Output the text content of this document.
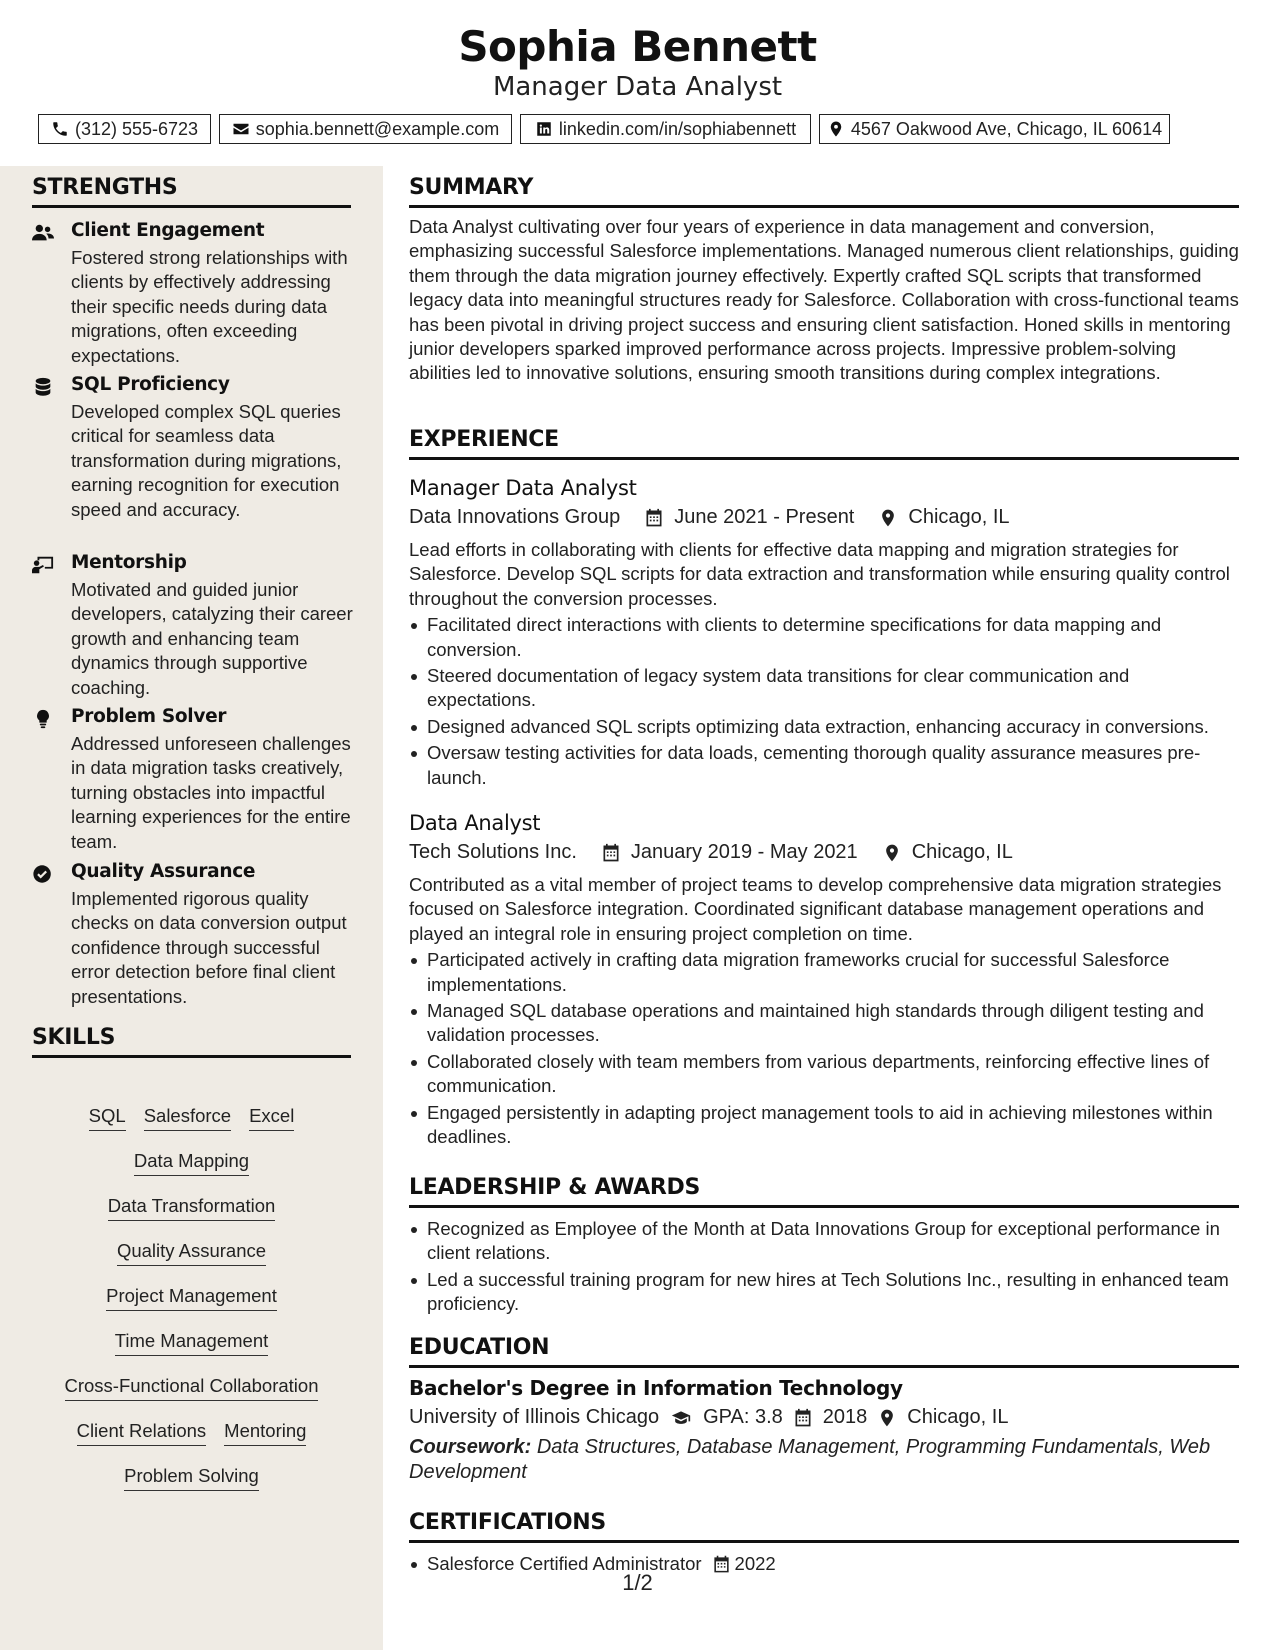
Sophia Bennett
Manager Data Analyst
(312) 555-6723	sophia.bennett@example.com	linkedin.com/in/sophiabennett	4567 Oakwood Ave, Chicago, IL 60614
STRENGTHS
Client Engagement
Fostered strong relationships with clients by effectively addressing their specific needs during data migrations, often exceeding expectations.
SQL Proficiency
Developed complex SQL queries critical for seamless data transformation during migrations, earning recognition for execution speed and accuracy.
Mentorship
Motivated and guided junior developers, catalyzing their career growth and enhancing team dynamics through supportive coaching.
Problem Solver
Addressed unforeseen challenges in data migration tasks creatively, turning obstacles into impactful learning experiences for the entire team.
Quality Assurance
Implemented rigorous quality checks on data conversion output confidence through successful error detection before final client presentations.
SKILLS
SQL Salesforce Excel
Data Mapping
Data Transformation
Quality Assurance
Project Management
Time Management
Cross-Functional Collaboration
Client Relations Mentoring
Problem Solving
SUMMARY
Data Analyst cultivating over four years of experience in data management and conversion, emphasizing successful Salesforce implementations. Managed numerous client relationships, guiding them through the data migration journey effectively. Expertly crafted SQL scripts that transformed legacy data into meaningful structures ready for Salesforce. Collaboration with cross-functional teams has been pivotal in driving project success and ensuring client satisfaction. Honed skills in mentoring junior developers sparked improved performance across projects. Impressive problem-solving abilities led to innovative solutions, ensuring smooth transitions during complex integrations.
EXPERIENCE
Manager Data Analyst
Data Innovations Group	June 2021 - Present	Chicago, IL
Lead efforts in collaborating with clients for effective data mapping and migration strategies for Salesforce. Develop SQL scripts for data extraction and transformation while ensuring quality control throughout the conversion processes.
Facilitated direct interactions with clients to determine specifications for data mapping and conversion.
Steered documentation of legacy system data transitions for clear communication and expectations.
Designed advanced SQL scripts optimizing data extraction, enhancing accuracy in conversions.
Oversaw testing activities for data loads, cementing thorough quality assurance measures pre-launch.
Data Analyst
Tech Solutions Inc.	January 2019 - May 2021	Chicago, IL
Contributed as a vital member of project teams to develop comprehensive data migration strategies focused on Salesforce integration. Coordinated significant database management operations and played an integral role in ensuring project completion on time.
Participated actively in crafting data migration frameworks crucial for successful Salesforce implementations.
Managed SQL database operations and maintained high standards through diligent testing and validation processes.
Collaborated closely with team members from various departments, reinforcing effective lines of communication.
Engaged persistently in adapting project management tools to aid in achieving milestones within deadlines.
LEADERSHIP & AWARDS
Recognized as Employee of the Month at Data Innovations Group for exceptional performance in client relations.
Led a successful training program for new hires at Tech Solutions Inc., resulting in enhanced team proficiency.
EDUCATION
Bachelor's Degree in Information Technology
University of Illinois Chicago GPA: 3.8 2018 Chicago, IL
Coursework: Data Structures, Database Management, Programming Fundamentals, Web Development
CERTIFICATIONS
Salesforce Certified Administrator 2022
1/2
